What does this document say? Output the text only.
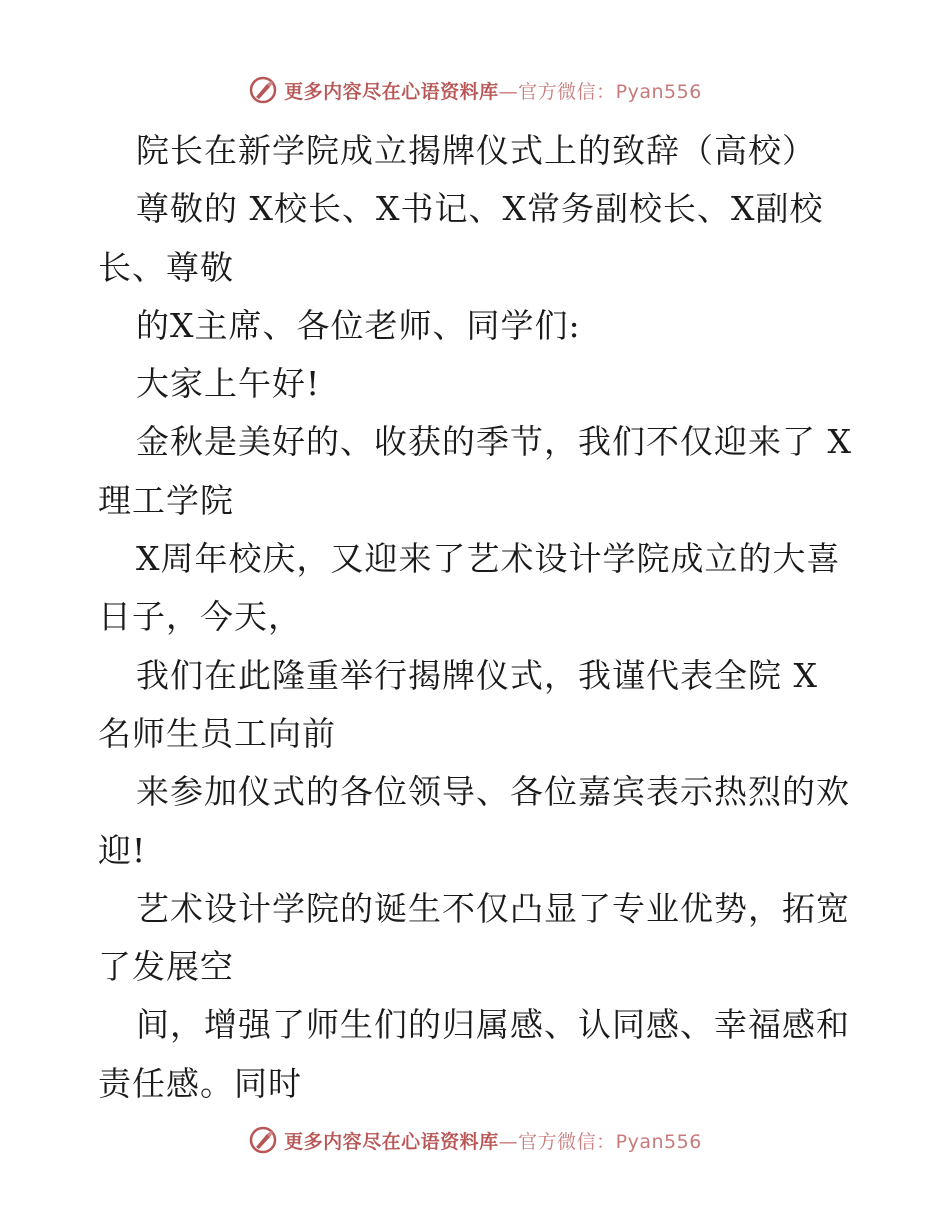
更多内容尽在心语资料库—官方微信：Pyan556
院长在新学院成立揭牌仪式上的致辞（高校）
尊敬的 X校长、X书记、X常务副校长、X副校
长、尊敬
的X主席、各位老师、同学们:
大家上午好!
金秋是美好的、收获的季节，我们不仅迎来了 X
理工学院
X周年校庆，又迎来了艺术设计学院成立的大喜
日子，今天，
我们在此隆重举行揭牌仪式，我谨代表全院 X
名师生员工向前
来参加仪式的各位领导、各位嘉宾表示热烈的欢
迎!
艺术设计学院的诞生不仅凸显了专业优势，拓宽
了发展空
间，增强了师生们的归属感、认同感、幸福感和
责任感。同时
更多内容尽在心语资料库—官方微信：Pyan556
